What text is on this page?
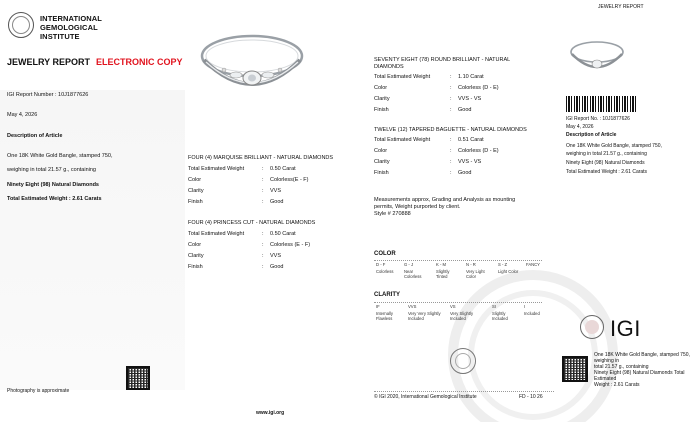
INTERNATIONAL
GEMOLOGICAL
INSTITUTE
JEWELRY REPORT ELECTRONIC COPY
IGI Report Number : 10J1877626
May 4, 2026
Description of Article
One 18K White Gold Bangle, stamped 750,
weighing in total 21.57 g., containing
Ninety Eight (98) Natural Diamonds
Total Estimated Weight : 2.61 Carats
Photography is approximate
JEWELRY REPORT
FOUR (4) MARQUISE BRILLIANT - NATURAL DIAMONDS
Total Estimated Weight	: 0.50 Carat
Color	: Colorless(E - F)
Clarity	: VVS
Finish	: Good
FOUR (4) PRINCESS CUT - NATURAL DIAMONDS
Total Estimated Weight	: 0.50 Carat
Color	: Colorless (E - F)
Clarity	: VVS
Finish	: Good
www.igi.org
SEVENTY EIGHT (78) ROUND BRILLIANT - NATURAL
DIAMONDS
Total Estimated Weight	: 1.10 Carat
Color	: Colorless (D - E)
Clarity	: VVS - VS
Finish	: Good
TWELVE (12) TAPERED BAGUETTE - NATURAL DIAMONDS
Total Estimated Weight	: 0.51 Carat
Color	: Colorless (D - E)
Clarity	: VVS - VS
Finish	: Good
Measurements approx, Grading and Analysis as mounting
permits, Weight purported by client.
Style # 270888
COLOR
D - F	G - J	K - M	N - R	S - Z	FANCY
Colorless	Near Colorless	Slightly Tinted	Very Light Color	Light Color	
CLARITY
IF	VVS	VS	SI	I
Internally Flawless	Very Very Slightly Included	Very Slightly Included	Slightly Included	Included
© IGI 2020, International Gemological Institute	FD - 10 26
IGI Report No. : 10J1877626
May 4, 2026
Description of Article
One 18K White Gold Bangle, stamped 750,
weighing in total 21.57 g., containing
Ninety Eight (98) Natural Diamonds
Total Estimated Weight : 2.61 Carats
IGI
One 18K White Gold Bangle, stamped 750, weighing in
total 21.57 g., containing
Ninety Eight (98) Natural Diamonds Total Estimated
Weight : 2.61 Carats
